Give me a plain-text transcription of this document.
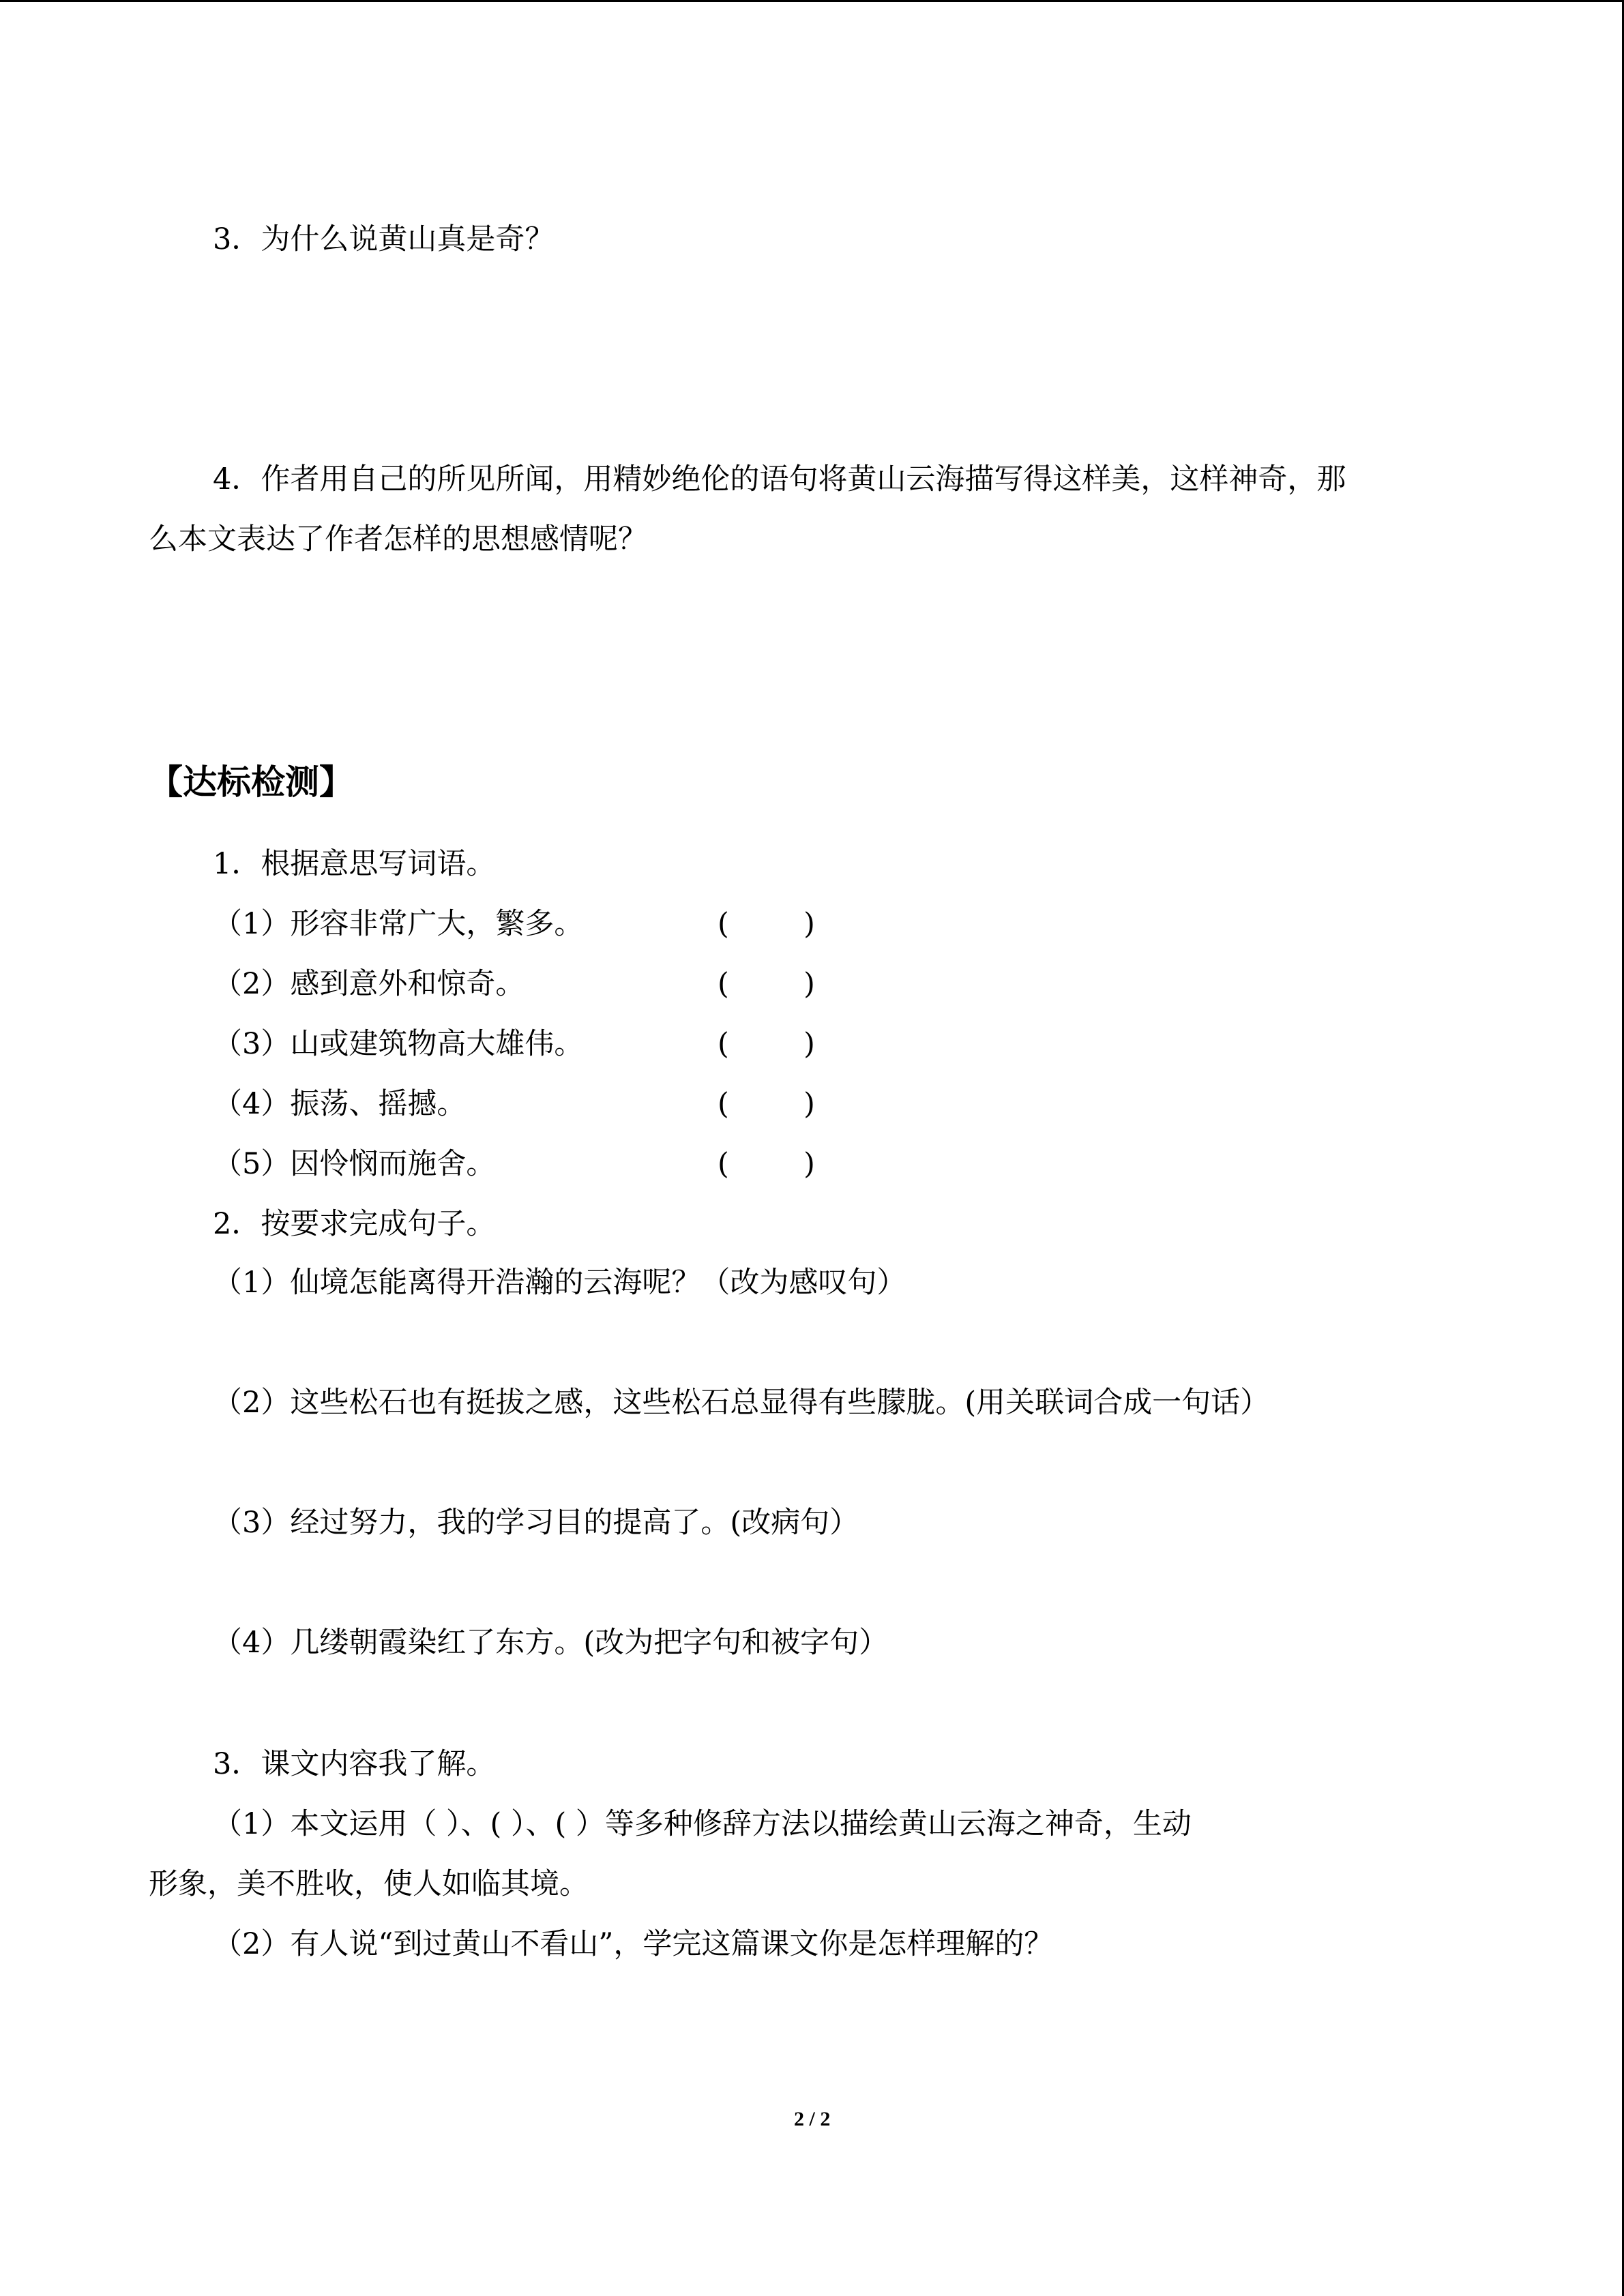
3．为什么说黄山真是奇？
4．作者用自己的所见所闻，用精妙绝伦的语句将黄山云海描写得这样美，这样神奇，那
么本文表达了作者怎样的思想感情呢？
【达标检测】
1．根据意思写词语。
（1）形容非常广大，繁多。	(        )
（2）感到意外和惊奇。	(        )
（3）山或建筑物高大雄伟。	(        )
（4）振荡、摇撼。	(        )
（5）因怜悯而施舍。	(        )
2．按要求完成句子。
（1）仙境怎能离得开浩瀚的云海呢？（改为感叹句）
（2）这些松石也有挺拔之感，这些松石总显得有些朦胧。(用关联词合成一句话）
（3）经过努力，我的学习目的提高了。(改病句）
（4）几缕朝霞染红了东方。(改为把字句和被字句）
3．课文内容我了解。
（1）本文运用（ ）、( ）、( ）等多种修辞方法以描绘黄山云海之神奇，生动
形象，美不胜收，使人如临其境。
（2）有人说“到过黄山不看山”，学完这篇课文你是怎样理解的？
2 / 2
